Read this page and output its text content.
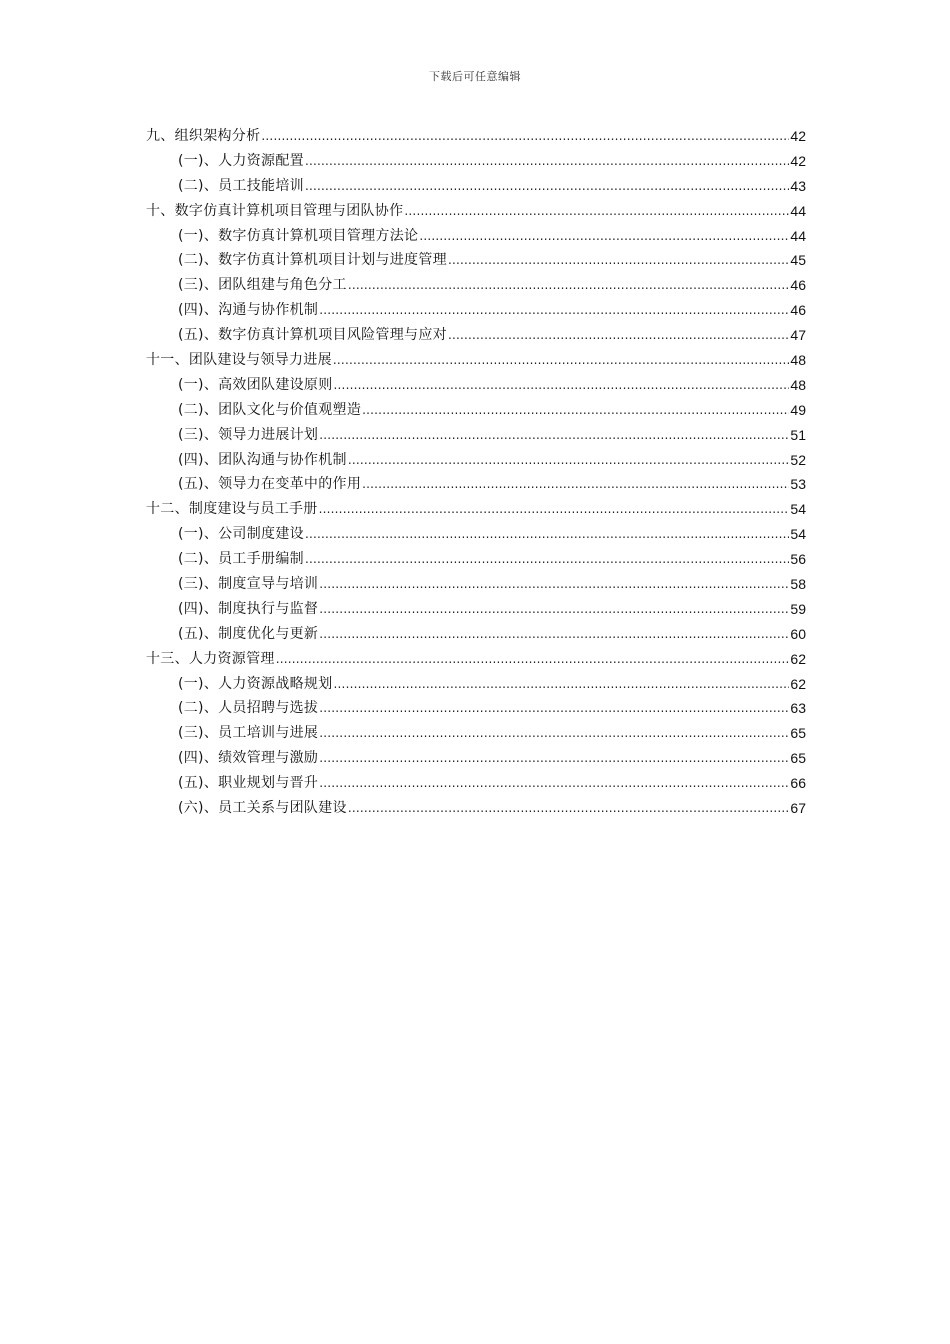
下载后可任意编辑
九、组织架构分析 .....	42
(一)、人力资源配置 .....	42
(二)、员工技能培训 .....	43
十、数字仿真计算机项目管理与团队协作 .....	44
(一)、数字仿真计算机项目管理方法论 .....	44
(二)、数字仿真计算机项目计划与进度管理 .....	45
(三)、团队组建与角色分工 .....	46
(四)、沟通与协作机制 .....	46
(五)、数字仿真计算机项目风险管理与应对 .....	47
十一、团队建设与领导力进展 .....	48
(一)、高效团队建设原则 .....	48
(二)、团队文化与价值观塑造 .....	49
(三)、领导力进展计划 .....	51
(四)、团队沟通与协作机制 .....	52
(五)、领导力在变革中的作用 .....	53
十二、制度建设与员工手册 .....	54
(一)、公司制度建设 .....	54
(二)、员工手册编制 .....	56
(三)、制度宣导与培训 .....	58
(四)、制度执行与监督 .....	59
(五)、制度优化与更新 .....	60
十三、人力资源管理 .....	62
(一)、人力资源战略规划 .....	62
(二)、人员招聘与选拔 .....	63
(三)、员工培训与进展 .....	65
(四)、绩效管理与激励 .....	65
(五)、职业规划与晋升 .....	66
(六)、员工关系与团队建设 .....	67
